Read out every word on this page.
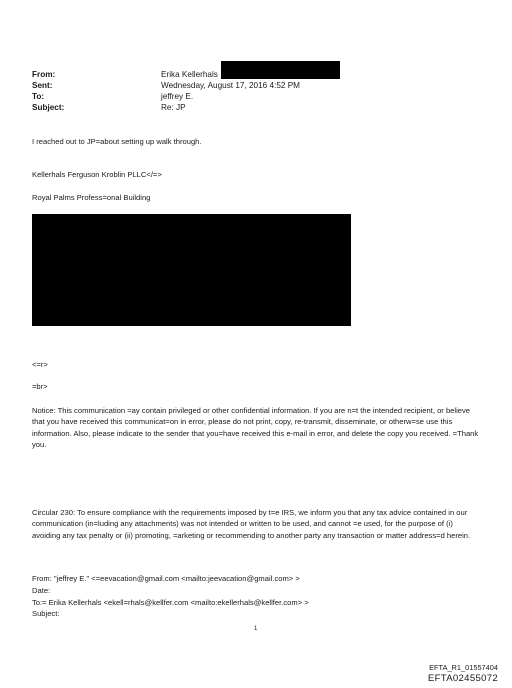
From:	Erika Kellerhals
Sent:	Wednesday, August 17, 2016 4:52 PM
To:	jeffrey E.
Subject:	Re: JP
I reached out to JP=about setting up walk through.
Kellerhals Ferguson Kroblin PLLC</=>
Royal Palms Profess=onal Building
<=r>
=br>
Notice: This communication =ay contain privileged or other confidential information. If you are n=t the intended recipient, or believe that you have received this communicat=on in error, please do not print, copy, re-transmit, disseminate, or otherw=se use this information. Also, please indicate to the sender that you=have received this e-mail in error, and delete the copy you received. =Thank you.
Circular 230: To ensure compliance with the requirements imposed by t=e IRS, we inform you that any tax advice contained in our communication (in=luding any attachments) was not intended or written to be used, and cannot =e used, for the purpose of (i) avoiding any tax penalty or (ii) promoting, =arketing or recommending to another party any transaction or matter address=d herein.
From: "jeffrey E." <=eevacation@gmail.com <mailto:jeevacation@gmail.com> >
Date:
To:= Erika Kellerhals <ekell=rhals@kellfer.com <mailto:ekellerhals@kellfer.com> >
Subject:
1
EFTA_R1_01557404
EFTA02455072
